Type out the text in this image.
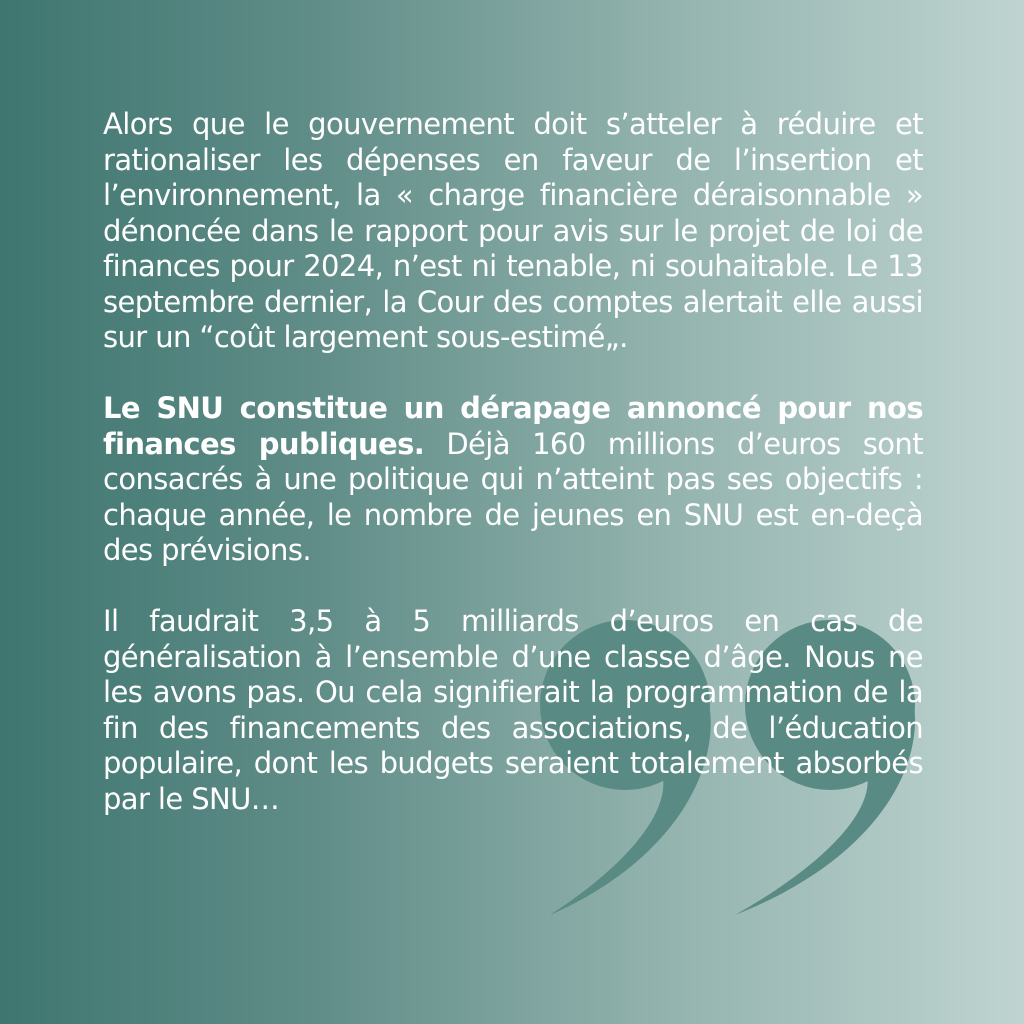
Alors que le gouvernement doit s’atteler à réduire et rationaliser les dépenses en faveur de l’insertion et l’environnement, la « charge financière déraisonnable » dénoncée dans le rapport pour avis sur le projet de loi de finances pour 2024, n’est ni tenable, ni souhaitable. Le 13 septembre dernier, la Cour des comptes alertait elle aussi sur un “coût largement sous-estimé„.

Le SNU constitue un dérapage annoncé pour nos finances publiques. Déjà 160 millions d’euros sont consacrés à une politique qui n’atteint pas ses objectifs : chaque année, le nombre de jeunes en SNU est en-deçà des prévisions.

Il faudrait 3,5 à 5 milliards d’euros en cas de généralisation à l’ensemble d’une classe d’âge. Nous ne les avons pas. Ou cela signifierait la programmation de la fin des financements des associations, de l’éducation populaire, dont les budgets seraient totalement absorbés par le SNU…
